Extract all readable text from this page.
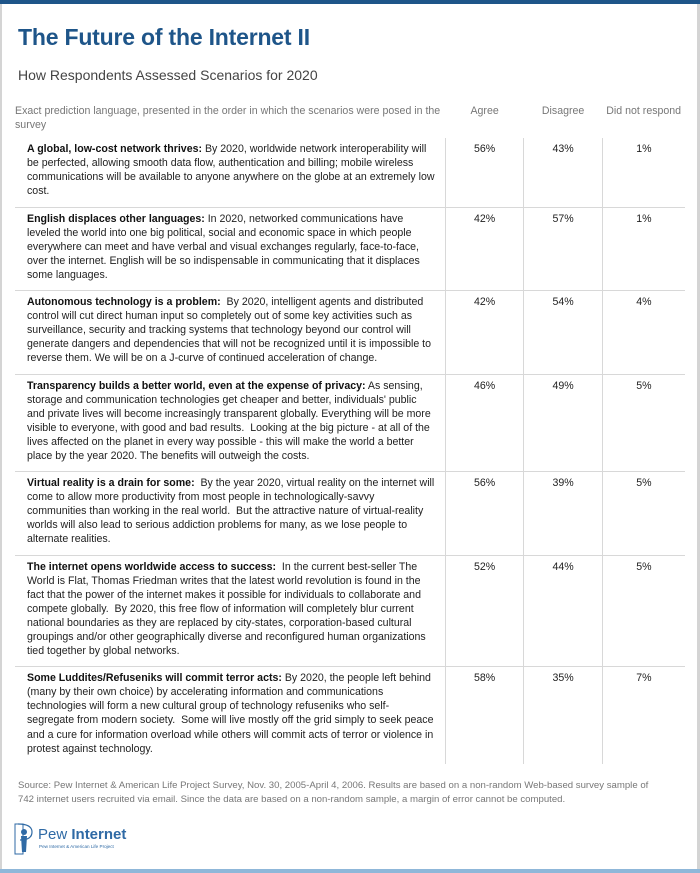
The Future of the Internet II

How Respondents Assessed Scenarios for 2020

Exact prediction language, presented in the order in which the scenarios were posed in the survey	Agree	Disagree	Did not respond
A global, low-cost network thrives: By 2020, worldwide network interoperability will be perfected, allowing smooth data flow, authentication and billing; mobile wireless communications will be available to anyone anywhere on the globe at an extremely low cost.	56%	43%	1%
English displaces other languages: In 2020, networked communications have leveled the world into one big political, social and economic space in which people everywhere can meet and have verbal and visual exchanges regularly, face-to-face, over the internet. English will be so indispensable in communicating that it displaces some languages.	42%	57%	1%
Autonomous technology is a problem:  By 2020, intelligent agents and distributed control will cut direct human input so completely out of some key activities such as surveillance, security and tracking systems that technology beyond our control will generate dangers and dependencies that will not be recognized until it is impossible to reverse them. We will be on a J-curve of continued acceleration of change.	42%	54%	4%
Transparency builds a better world, even at the expense of privacy: As sensing, storage and communication technologies get cheaper and better, individuals' public and private lives will become increasingly transparent globally. Everything will be more visible to everyone, with good and bad results.  Looking at the big picture - at all of the lives affected on the planet in every way possible - this will make the world a better place by the year 2020. The benefits will outweigh the costs.	46%	49%	5%
Virtual reality is a drain for some:  By the year 2020, virtual reality on the internet will come to allow more productivity from most people in technologically-savvy communities than working in the real world.  But the attractive nature of virtual-reality worlds will also lead to serious addiction problems for many, as we lose people to alternate realities.	56%	39%	5%
The internet opens worldwide access to success:  In the current best-seller The World is Flat, Thomas Friedman writes that the latest world revolution is found in the fact that the power of the internet makes it possible for individuals to collaborate and compete globally.  By 2020, this free flow of information will completely blur current national boundaries as they are replaced by city-states, corporation-based cultural groupings and/or other geographically diverse and reconfigured human organizations tied together by global networks.	52%	44%	5%
Some Luddites/Refuseniks will commit terror acts: By 2020, the people left behind (many by their own choice) by accelerating information and communications technologies will form a new cultural group of technology refuseniks who self-segregate from modern society.  Some will live mostly off the grid simply to seek peace and a cure for information overload while others will commit acts of terror or violence in protest against technology.	58%	35%	7%

Source: Pew Internet & American Life Project Survey, Nov. 30, 2005-April 4, 2006. Results are based on a non-random Web-based survey sample of 742 internet users recruited via email. Since the data are based on a non-random sample, a margin of error cannot be computed.

Pew Internet
Pew Internet & American Life Project
